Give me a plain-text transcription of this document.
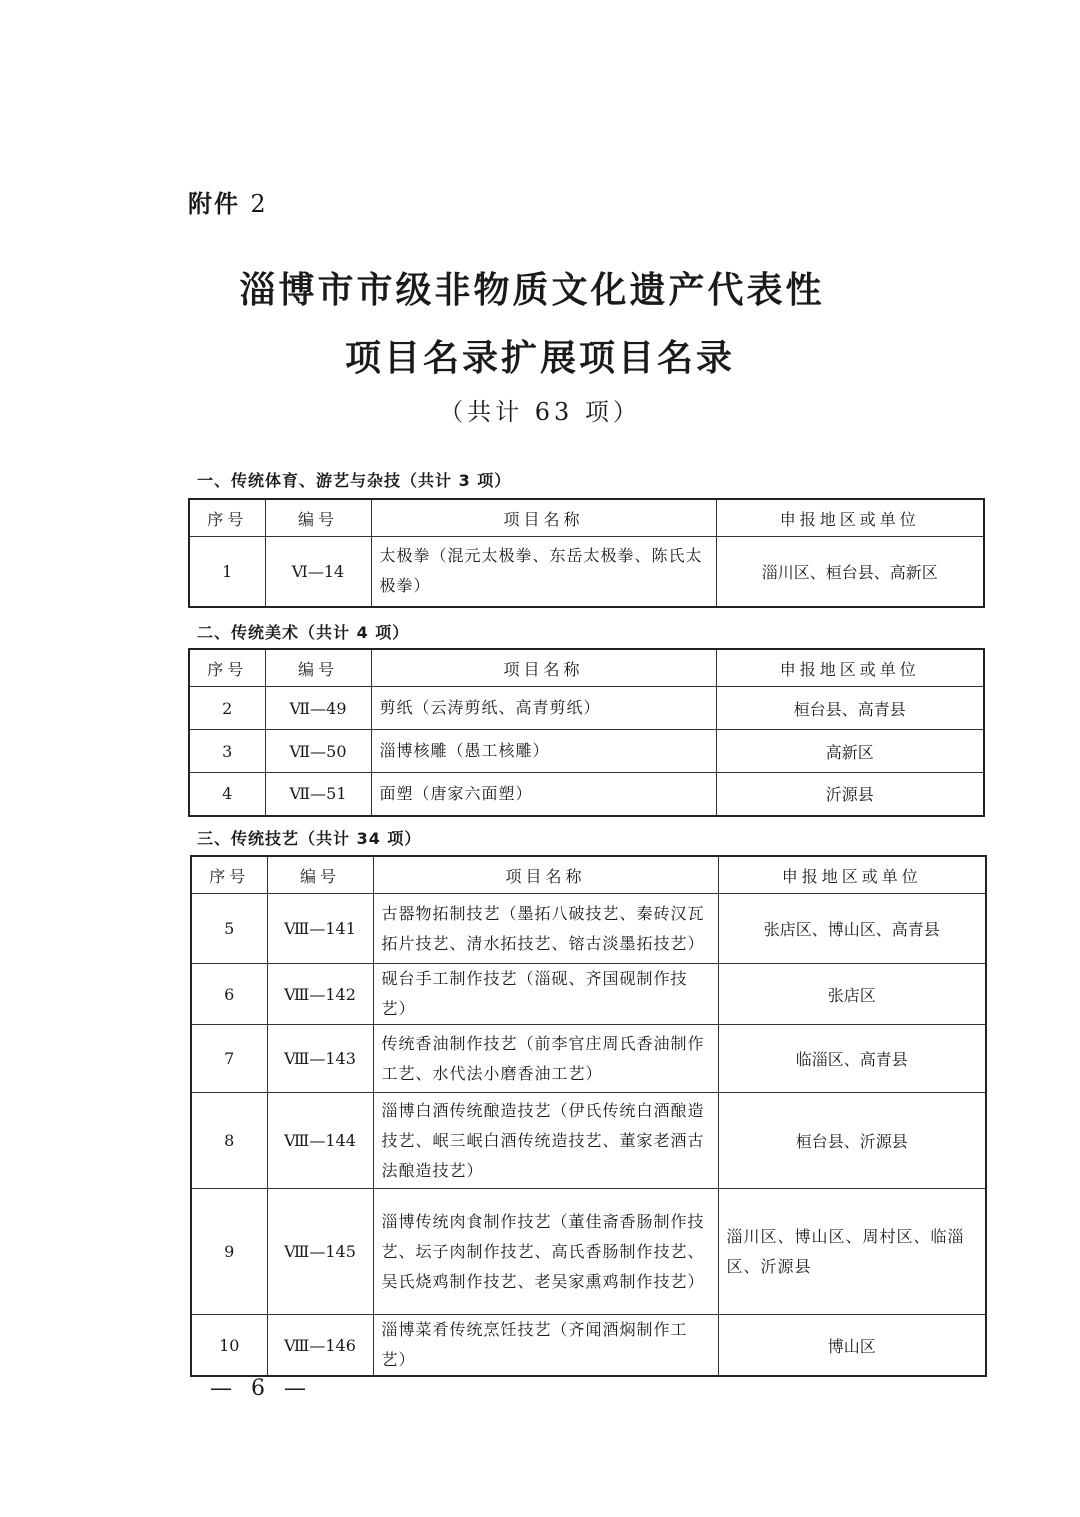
附件 2
淄博市市级非物质文化遗产代表性
项目名录扩展项目名录
（共计 63 项）
一、传统体育、游艺与杂技（共计 3 项）
序号	编号	项目名称	申报地区或单位
1	Ⅵ—14	太极拳（混元太极拳、东岳太极拳、陈氏太极拳）	淄川区、桓台县、高新区
二、传统美术（共计 4 项）
序号	编号	项目名称	申报地区或单位
2	Ⅶ—49	剪纸（云涛剪纸、高青剪纸）	桓台县、高青县
3	Ⅶ—50	淄博核雕（愚工核雕）	高新区
4	Ⅶ—51	面塑（唐家六面塑）	沂源县
三、传统技艺（共计 34 项）
序号	编号	项目名称	申报地区或单位
5	Ⅷ—141	古器物拓制技艺（墨拓八破技艺、秦砖汉瓦拓片技艺、清水拓技艺、镕古淡墨拓技艺）	张店区、博山区、高青县
6	Ⅷ—142	砚台手工制作技艺（淄砚、齐国砚制作技艺）	张店区
7	Ⅷ—143	传统香油制作技艺（前李官庄周氏香油制作工艺、水代法小磨香油工艺）	临淄区、高青县
8	Ⅷ—144	淄博白酒传统酿造技艺（伊氏传统白酒酿造技艺、岷三岷白酒传统造技艺、董家老酒古法酿造技艺）	桓台县、沂源县
9	Ⅷ—145	淄博传统肉食制作技艺（董佳斋香肠制作技艺、坛子肉制作技艺、高氏香肠制作技艺、吴氏烧鸡制作技艺、老吴家熏鸡制作技艺）	淄川区、博山区、周村区、临淄区、沂源县
10	Ⅷ—146	淄博菜肴传统烹饪技艺（齐闻酒焖制作工艺）	博山区
— 6 —
